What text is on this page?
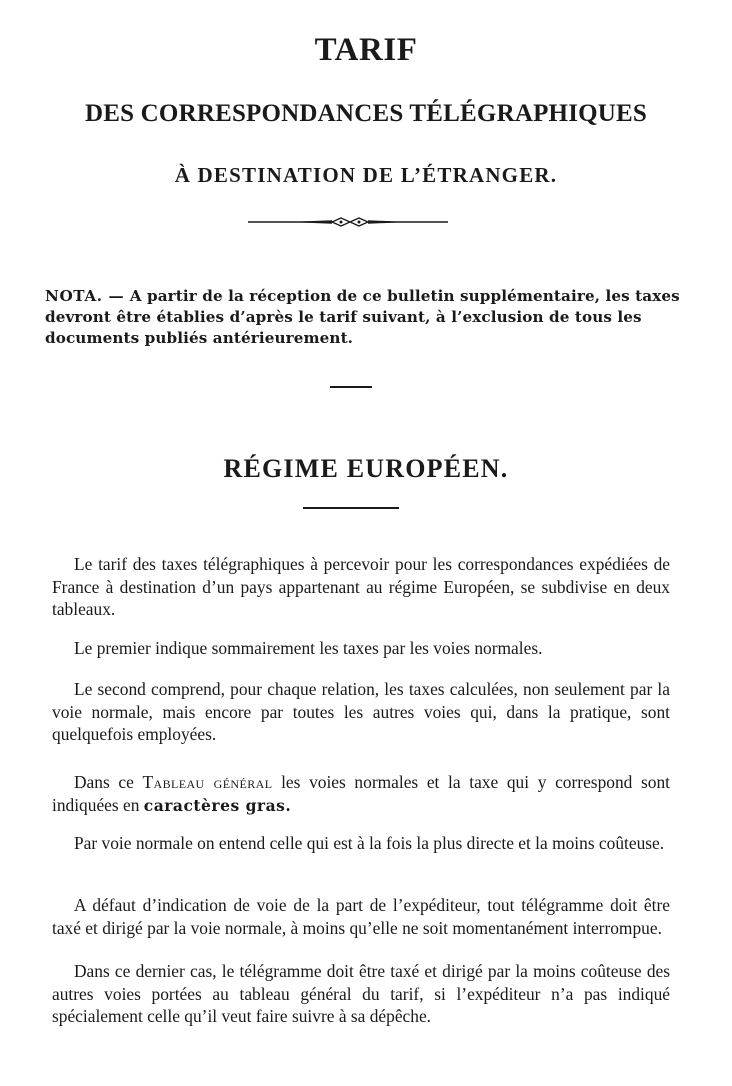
TARIF
DES CORRESPONDANCES TÉLÉGRAPHIQUES
À DESTINATION DE L’ÉTRANGER.

NOTA. — A partir de la réception de ce bulletin supplémentaire, les taxes devront être établies d’après le tarif suivant, à l’exclusion de tous les documents publiés antérieurement.

RÉGIME EUROPÉEN.

Le tarif des taxes télégraphiques à percevoir pour les correspondances expédiées de France à destination d’un pays appartenant au régime Européen, se subdivise en deux tableaux.

Le premier indique sommairement les taxes par les voies normales.

Le second comprend, pour chaque relation, les taxes calculées, non seulement par la voie normale, mais encore par toutes les autres voies qui, dans la pratique, sont quelquefois employées.

Dans ce Tableau général les voies normales et la taxe qui y correspond sont indiquées en caractères gras.

Par voie normale on entend celle qui est à la fois la plus directe et la moins coûteuse.

A défaut d’indication de voie de la part de l’expéditeur, tout télégramme doit être taxé et dirigé par la voie normale, à moins qu’elle ne soit momentanément interrompue.

Dans ce dernier cas, le télégramme doit être taxé et dirigé par la moins coûteuse des autres voies portées au tableau général du tarif, si l’expéditeur n’a pas indiqué spécialement celle qu’il veut faire suivre à sa dépêche.
